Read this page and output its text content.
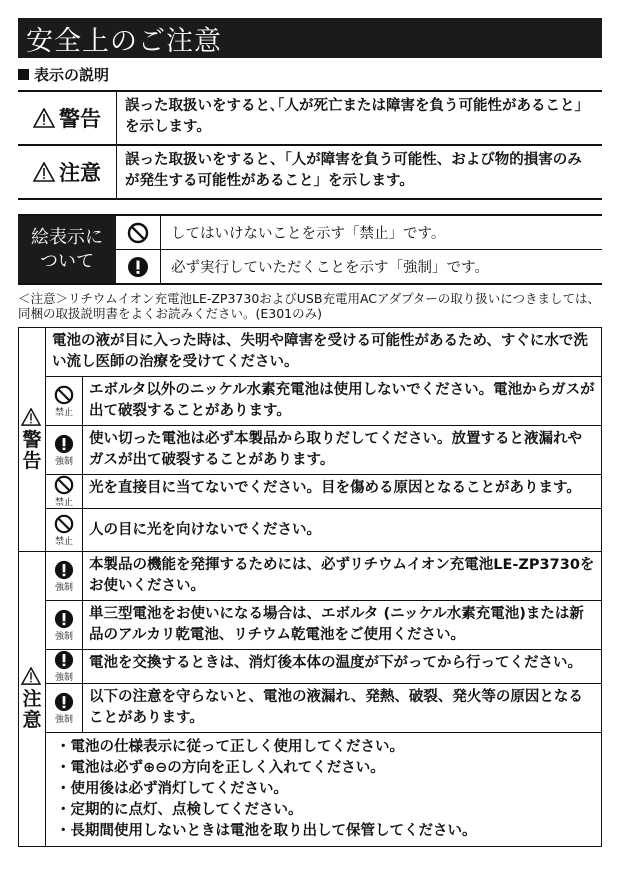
安全上のご注意
表示の説明
警告
誤った取扱いをすると､｢人が死亡または障害を負う可能性があること｣を示します。
注意
誤った取扱いをすると、「人が障害を負う可能性、および物的損害のみが発生する可能性があること」を示します。
絵表示に
ついて
してはいけないことを示す「禁止」です。
必ず実行していただくことを示す「強制」です。
＜注意＞リチウムイオン充電池LE-ZP3730およびUSB充電用ACアダプターの取り扱いにつきましては、同梱の取扱説明書をよくお読みください。(E301のみ)
警
告
電池の液が目に入った時は、失明や障害を受ける可能性があるため、すぐに水で洗い流し医師の治療を受けてください。
禁止
エボルタ以外のニッケル水素充電池は使用しないでください。電池からガスが出て破裂することがあります。
強制
使い切った電池は必ず本製品から取りだしてください。放置すると液漏れやガスが出て破裂することがあります。
禁止
光を直接目に当てないでください。目を傷める原因となることがあります。
禁止
人の目に光を向けないでください。
注
意
強制
本製品の機能を発揮するためには、必ずリチウムイオン充電池LE-ZP3730をお使いください。
強制
単三型電池をお使いになる場合は、エボルタ (ニッケル水素充電池)または新品のアルカリ乾電池、リチウム乾電池をご使用ください。
強制
電池を交換するときは、消灯後本体の温度が下がってから行ってください。
強制
以下の注意を守らないと、電池の液漏れ、発熱、破裂、発火等の原因となることがあります。
・ 電池の仕様表示に従って正しく使用してください。
・ 電池は必ず⊕⊖の方向を正しく入れてください。
・ 使用後は必ず消灯してください。
・ 定期的に点灯、点検してください。
・ 長期間使用しないときは電池を取り出して保管してください。
